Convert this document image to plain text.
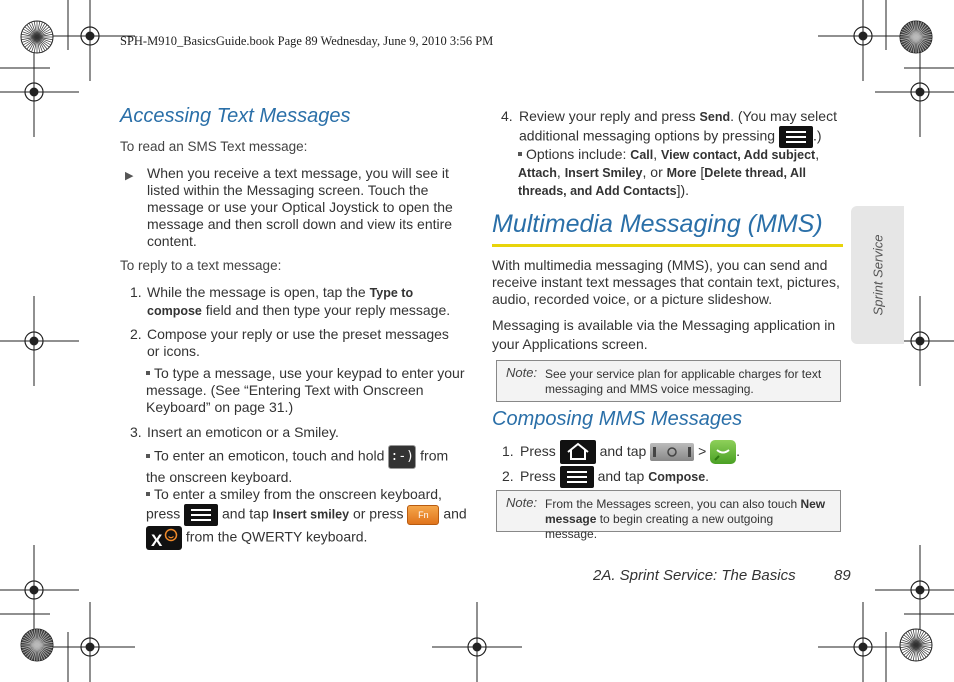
SPH-M910_BasicsGuide.book Page 89 Wednesday, June 9, 2010 3:56 PM
Sprint Service
Accessing Text Messages
To read an SMS Text message:
▶ When you receive a text message, you will see it listed within the Messaging screen. Touch the message or use your Optical Joystick to open the message and then scroll down and view its entire content.
To reply to a text message:
1. While the message is open, tap the Type to compose field and then type your reply message.
2. Compose your reply or use the preset messages or icons.
To type a message, use your keypad to enter your message. (See “Entering Text with Onscreen Keyboard” on page 31.)
3. Insert an emoticon or a Smiley.
To enter an emoticon, touch and hold :-) from the onscreen keyboard.
To enter a smiley from the onscreen keyboard, press	and tap Insert smiley or press Fn and
X from the QWERTY keyboard.
4. Review your reply and press Send. (You may select additional messaging options by pressing	.)
Options include: Call, View contact, Add subject, Attach, Insert Smiley, or More [Delete thread, All threads, and Add Contacts]).
Multimedia Messaging (MMS)
With multimedia messaging (MMS), you can send and receive instant text messages that contain text, pictures, audio, recorded voice, or a picture slideshow.
Messaging is available via the Messaging application in your Applications screen.
Note: See your service plan for applicable charges for text messaging and MMS voice messaging.
Composing MMS Messages
1. Press	and tap	> .
2. Press	and tap Compose.
Note: From the Messages screen, you can also touch New message to begin creating a new outgoing message.
2A. Sprint Service: The Basics	89
